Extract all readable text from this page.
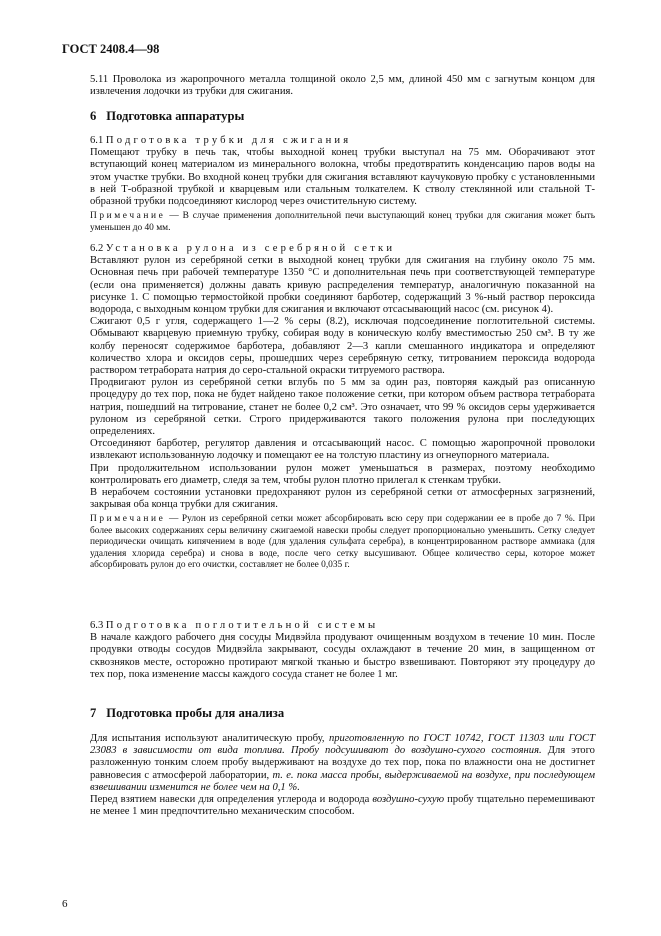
ГОСТ 2408.4—98

5.11 Проволока из жаропрочного металла толщиной около 2,5 мм, длиной 450 мм с загнутым концом для извлечения лодочки из трубки для сжигания.

6 Подготовка аппаратуры
6.1 Подготовка трубки для сжигания

Помещают трубку в печь так, чтобы выходной конец трубки выступал на 75 мм. Оборачивают этот вступающий конец материалом из минерального волокна, чтобы предотвратить конденсацию паров воды на этом участке трубки. Во входной конец трубки для сжигания вставляют каучуковую пробку с установленными в ней Т-образной трубкой и кварцевым или стальным толкателем. К стволу стеклянной или стальной Т-образной трубки подсоединяют кислород через очистительную систему.

Примечание — В случае применения дополнительной печи выступающий конец трубки для сжигания может быть уменьшен до 40 мм.

6.2 Установка рулона из серебряной сетки

Вставляют рулон из серебряной сетки в выходной конец трубки для сжигания на глубину около 75 мм. Основная печь при рабочей температуре 1350 °С и дополнительная печь при соответствующей температуре (если она применяется) должны давать кривую распределения температур, аналогичную показанной на рисунке 1. С помощью термостойкой пробки соединяют барботер, содержащий 3 %-ный раствор пероксида водорода, с выходным концом трубки для сжигания и включают отсасывающий насос (см. рисунок 4).

Сжигают 0,5 г угля, содержащего 1—2 % серы (8.2), исключая подсоединение поглотительной системы. Обмывают кварцевую приемную трубку, собирая воду в коническую колбу вместимостью 250 см³. В ту же колбу переносят содержимое барботера, добавляют 2—3 капли смешанного индикатора и определяют количество хлора и оксидов серы, прошедших через серебряную сетку, титрованием пероксида водорода раствором тетрабората натрия до серо-стальной окраски титруемого раствора.

Продвигают рулон из серебряной сетки вглубь по 5 мм за один раз, повторяя каждый раз описанную процедуру до тех пор, пока не будет найдено такое положение сетки, при котором объем раствора тетрабората натрия, пошедший на титрование, станет не более 0,2 см³. Это означает, что 99 % оксидов серы удерживается рулоном из серебряной сетки. Строго придерживаются такого положения рулона при последующих определениях.

Отсоединяют барботер, регулятор давления и отсасывающий насос. С помощью жаропрочной проволоки извлекают использованную лодочку и помещают ее на толстую пластину из огнеупорного материала.

При продолжительном использовании рулон может уменьшаться в размерах, поэтому необходимо контролировать его диаметр, следя за тем, чтобы рулон плотно прилегал к стенкам трубки.

В нерабочем состоянии установки предохраняют рулон из серебряной сетки от атмосферных загрязнений, закрывая оба конца трубки для сжигания.

Примечание — Рулон из серебряной сетки может абсорбировать всю серу при содержании ее в пробе до 7 %. При более высоких содержаниях серы величину сжигаемой навески пробы следует пропорционально уменьшить. Сетку следует периодически очищать кипячением в воде (для удаления сульфата серебра), в концентрированном растворе аммиака (для удаления хлорида серебра) и снова в воде, после чего сетку высушивают. Общее количество серы, которое может абсорбировать рулон до его очистки, составляет не более 0,035 г.

6.3 Подготовка поглотительной системы

В начале каждого рабочего дня сосуды Мидвэйла продувают очищенным воздухом в течение 10 мин. После продувки отводы сосудов Мидвэйла закрывают, сосуды охлаждают в течение 20 мин, в защищенном от сквозняков месте, осторожно протирают мягкой тканью и быстро взвешивают. Повторяют эту процедуру до тех пор, пока изменение массы каждого сосуда станет не более 1 мг.

7 Подготовка пробы для анализа

Для испытания используют аналитическую пробу, приготовленную по ГОСТ 10742, ГОСТ 11303 или ГОСТ 23083 в зависимости от вида топлива. Пробу подсушивают до воздушно-сухого состояния. Для этого разложенную тонким слоем пробу выдерживают на воздухе до тех пор, пока по влажности она не достигнет равновесия с атмосферой лаборатории, т. е. пока масса пробы, выдерживаемой на воздухе, при последующем взвешивании изменится не более чем на 0,1 %.

Перед взятием навески для определения углерода и водорода воздушно-сухую пробу тщательно перемешивают не менее 1 мин предпочтительно механическим способом.

6
